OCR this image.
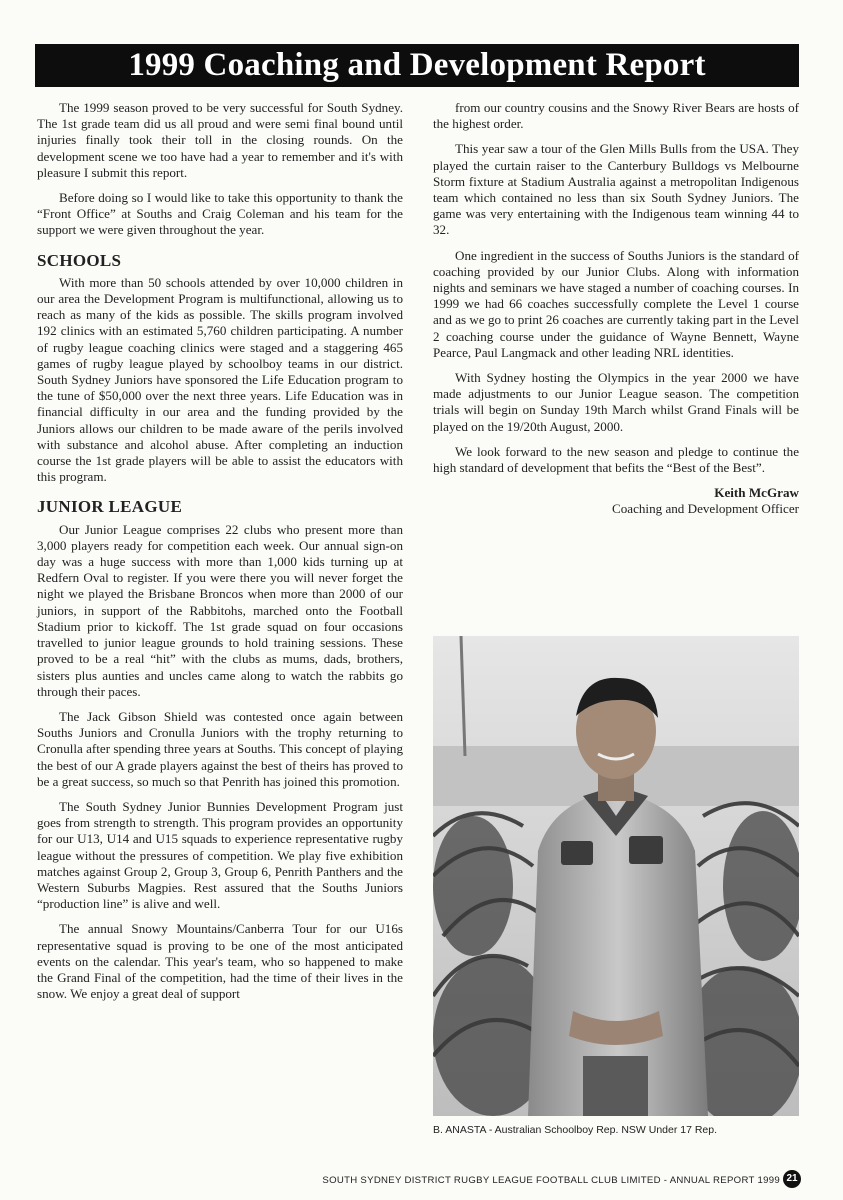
1999 Coaching and Development Report

The 1999 season proved to be very successful for South Sydney. The 1st grade team did us all proud and were semi final bound until injuries finally took their toll in the closing rounds. On the development scene we too have had a year to remember and it's with pleasure I submit this report.

Before doing so I would like to take this opportunity to thank the “Front Office” at Souths and Craig Coleman and his team for the support we were given throughout the year.

SCHOOLS

With more than 50 schools attended by over 10,000 children in our area the Development Program is multifunctional, allowing us to reach as many of the kids as possible. The skills program involved 192 clinics with an estimated 5,760 children participating. A number of rugby league coaching clinics were staged and a staggering 465 games of rugby league played by schoolboy teams in our district. South Sydney Juniors have sponsored the Life Education program to the tune of $50,000 over the next three years. Life Education was in financial difficulty in our area and the funding provided by the Juniors allows our children to be made aware of the perils involved with substance and alcohol abuse. After completing an induction course the 1st grade players will be able to assist the educators with this program.

JUNIOR LEAGUE

Our Junior League comprises 22 clubs who present more than 3,000 players ready for competition each week. Our annual sign-on day was a huge success with more than 1,000 kids turning up at Redfern Oval to register. If you were there you will never forget the night we played the Brisbane Broncos when more than 2000 of our juniors, in support of the Rabbitohs, marched onto the Football Stadium prior to kickoff. The 1st grade squad on four occasions travelled to junior league grounds to hold training sessions. These proved to be a real “hit” with the clubs as mums, dads, brothers, sisters plus aunties and uncles came along to watch the rabbits go through their paces.

The Jack Gibson Shield was contested once again between Souths Juniors and Cronulla Juniors with the trophy returning to Cronulla after spending three years at Souths. This concept of playing the best of our A grade players against the best of theirs has proved to be a great success, so much so that Penrith has joined this promotion.

The South Sydney Junior Bunnies Development Program just goes from strength to strength. This program provides an opportunity for our U13, U14 and U15 squads to experience representative rugby league without the pressures of competition. We play five exhibition matches against Group 2, Group 3, Group 6, Penrith Panthers and the Western Suburbs Magpies. Rest assured that the Souths Juniors “production line” is alive and well.

The annual Snowy Mountains/Canberra Tour for our U16s representative squad is proving to be one of the most anticipated events on the calendar. This year's team, who so happened to make the Grand Final of the competition, had the time of their lives in the snow. We enjoy a great deal of support

from our country cousins and the Snowy River Bears are hosts of the highest order.

This year saw a tour of the Glen Mills Bulls from the USA. They played the curtain raiser to the Canterbury Bulldogs vs Melbourne Storm fixture at Stadium Australia against a metropolitan Indigenous team which contained no less than six South Sydney Juniors. The game was very entertaining with the Indigenous team winning 44 to 32.

One ingredient in the success of Souths Juniors is the standard of coaching provided by our Junior Clubs. Along with information nights and seminars we have staged a number of coaching courses. In 1999 we had 66 coaches successfully complete the Level 1 course and as we go to print 26 coaches are currently taking part in the Level 2 coaching course under the guidance of Wayne Bennett, Wayne Pearce, Paul Langmack and other leading NRL identities.

With Sydney hosting the Olympics in the year 2000 we have made adjustments to our Junior League season. The competition trials will begin on Sunday 19th March whilst Grand Finals will be played on the 19/20th August, 2000.

We look forward to the new season and pledge to continue the high standard of development that befits the “Best of the Best”.

Keith McGraw
Coaching and Development Officer
B. ANASTA - Australian Schoolboy Rep. NSW Under 17 Rep.
SOUTH SYDNEY DISTRICT RUGBY LEAGUE FOOTBALL CLUB LIMITED - ANNUAL REPORT 1999 21
